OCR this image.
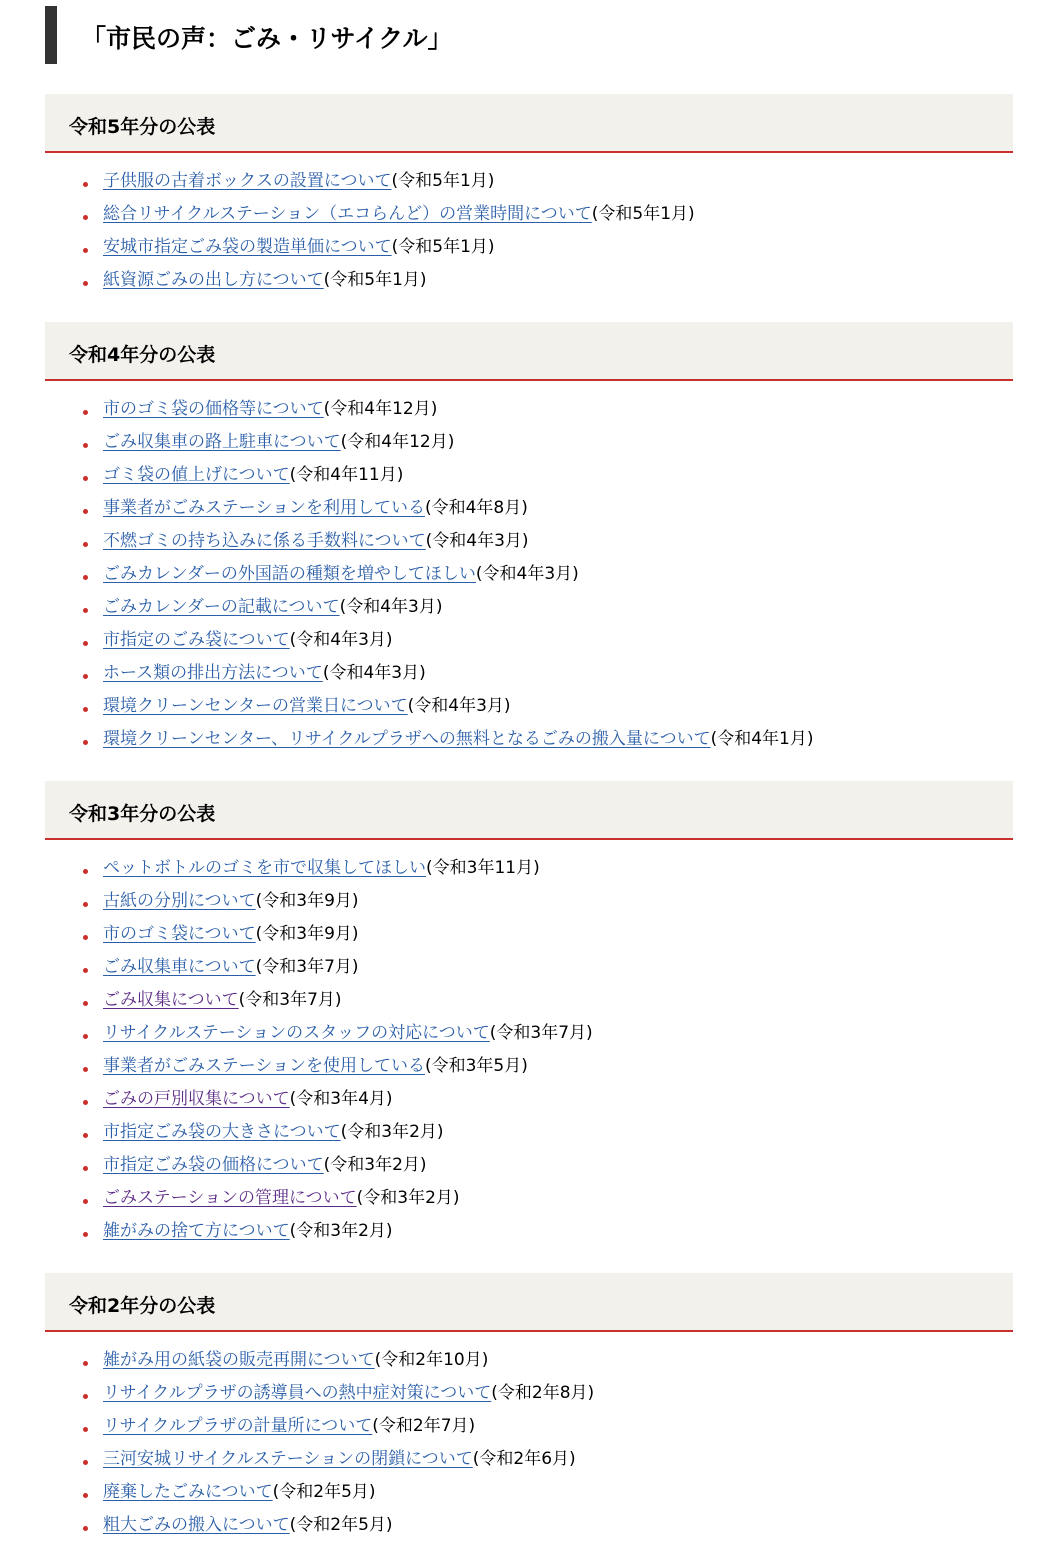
「市民の声：ごみ・リサイクル」
令和5年分の公表
子供服の古着ボックスの設置について(令和5年1月)
総合リサイクルステーション（エコらんど）の営業時間について(令和5年1月)
安城市指定ごみ袋の製造単価について(令和5年1月)
紙資源ごみの出し方について(令和5年1月)
令和4年分の公表
市のゴミ袋の価格等について(令和4年12月)
ごみ収集車の路上駐車について(令和4年12月)
ゴミ袋の値上げについて(令和4年11月)
事業者がごみステーションを利用している(令和4年8月)
不燃ゴミの持ち込みに係る手数料について(令和4年3月)
ごみカレンダーの外国語の種類を増やしてほしい(令和4年3月)
ごみカレンダーの記載について(令和4年3月)
市指定のごみ袋について(令和4年3月)
ホース類の排出方法について(令和4年3月)
環境クリーンセンターの営業日について(令和4年3月)
環境クリーンセンター、リサイクルプラザへの無料となるごみの搬入量について(令和4年1月)
令和3年分の公表
ペットボトルのゴミを市で収集してほしい(令和3年11月)
古紙の分別について(令和3年9月)
市のゴミ袋について(令和3年9月)
ごみ収集車について(令和3年7月)
ごみ収集について(令和3年7月)
リサイクルステーションのスタッフの対応について(令和3年7月)
事業者がごみステーションを使用している(令和3年5月)
ごみの戸別収集について(令和3年4月)
市指定ごみ袋の大きさについて(令和3年2月)
市指定ごみ袋の価格について(令和3年2月)
ごみステーションの管理について(令和3年2月)
雑がみの捨て方について(令和3年2月)
令和2年分の公表
雑がみ用の紙袋の販売再開について(令和2年10月)
リサイクルプラザの誘導員への熱中症対策について(令和2年8月)
リサイクルプラザの計量所について(令和2年7月)
三河安城リサイクルステーションの閉鎖について(令和2年6月)
廃棄したごみについて(令和2年5月)
粗大ごみの搬入について(令和2年5月)
